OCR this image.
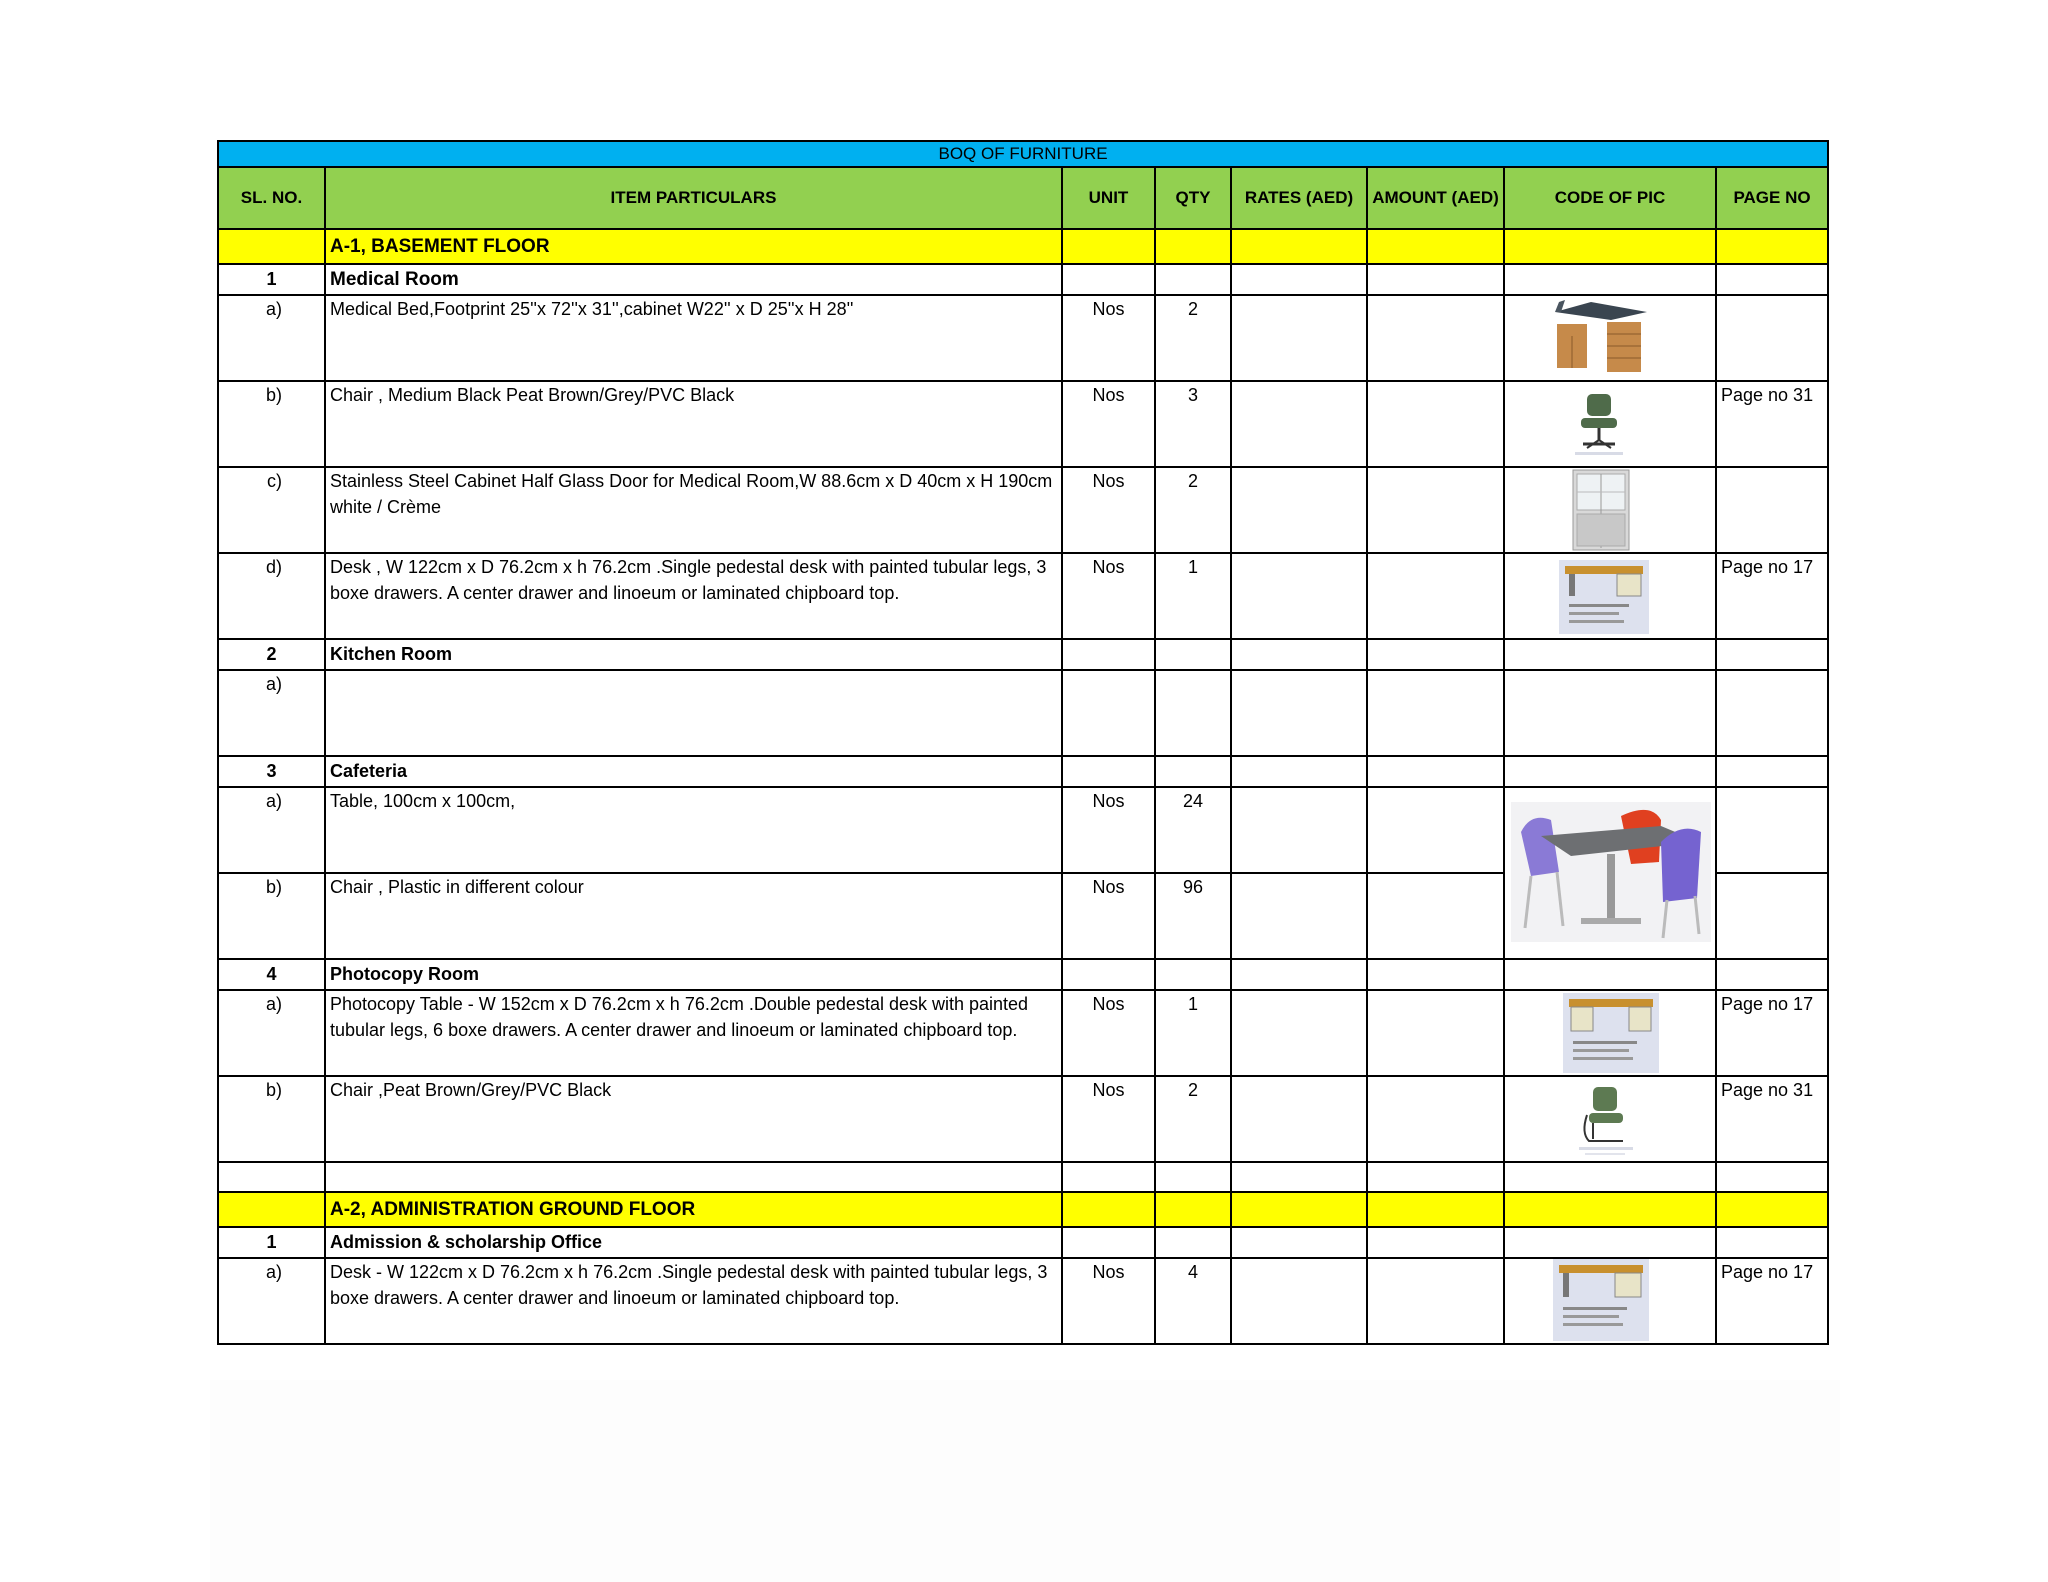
BOQ OF FURNITURE							
SL. NO.	ITEM PARTICULARS	UNIT	QTY	RATES (AED)	AMOUNT (AED)	CODE OF PIC	PAGE NO
	A-1, BASEMENT FLOOR						
1	Medical Room						
a)	Medical Bed,Footprint 25''x 72''x 31'',cabinet W22'' x D 25''x H 28''	Nos	2			

b)	Chair , Medium Black Peat Brown/Grey/PVC Black	Nos	3				Page no 31
c)	Stainless Steel Cabinet Half Glass Door for Medical Room,W 88.6cm x D 40cm x H 190cm white / Crème	Nos	2			

d)	Desk , W 122cm x D 76.2cm x h 76.2cm .Single pedestal desk with painted tubular legs, 3 boxe drawers. A center drawer and linoeum or laminated chipboard top.	Nos	1				Page no 17
2	Kitchen Room						
a)							
3	Cafeteria						
a)	Table, 100cm x 100cm,	Nos	24			

b)	Chair , Plastic in different colour	Nos	96				
4	Photocopy Room						
a)	Photocopy Table - W 152cm x D 76.2cm x h 76.2cm .Double pedestal desk with painted tubular legs, 6 boxe drawers. A center drawer and linoeum or laminated chipboard top.	Nos	1				Page no 17
b)	Chair ,Peat Brown/Grey/PVC Black	Nos	2				Page no 31

	A-2, ADMINISTRATION GROUND FLOOR						
1	Admission & scholarship Office						
a)	Desk - W 122cm x D 76.2cm x h 76.2cm .Single pedestal desk with painted tubular legs, 3 boxe drawers. A center drawer and linoeum or laminated chipboard top.	Nos	4				Page no 17
